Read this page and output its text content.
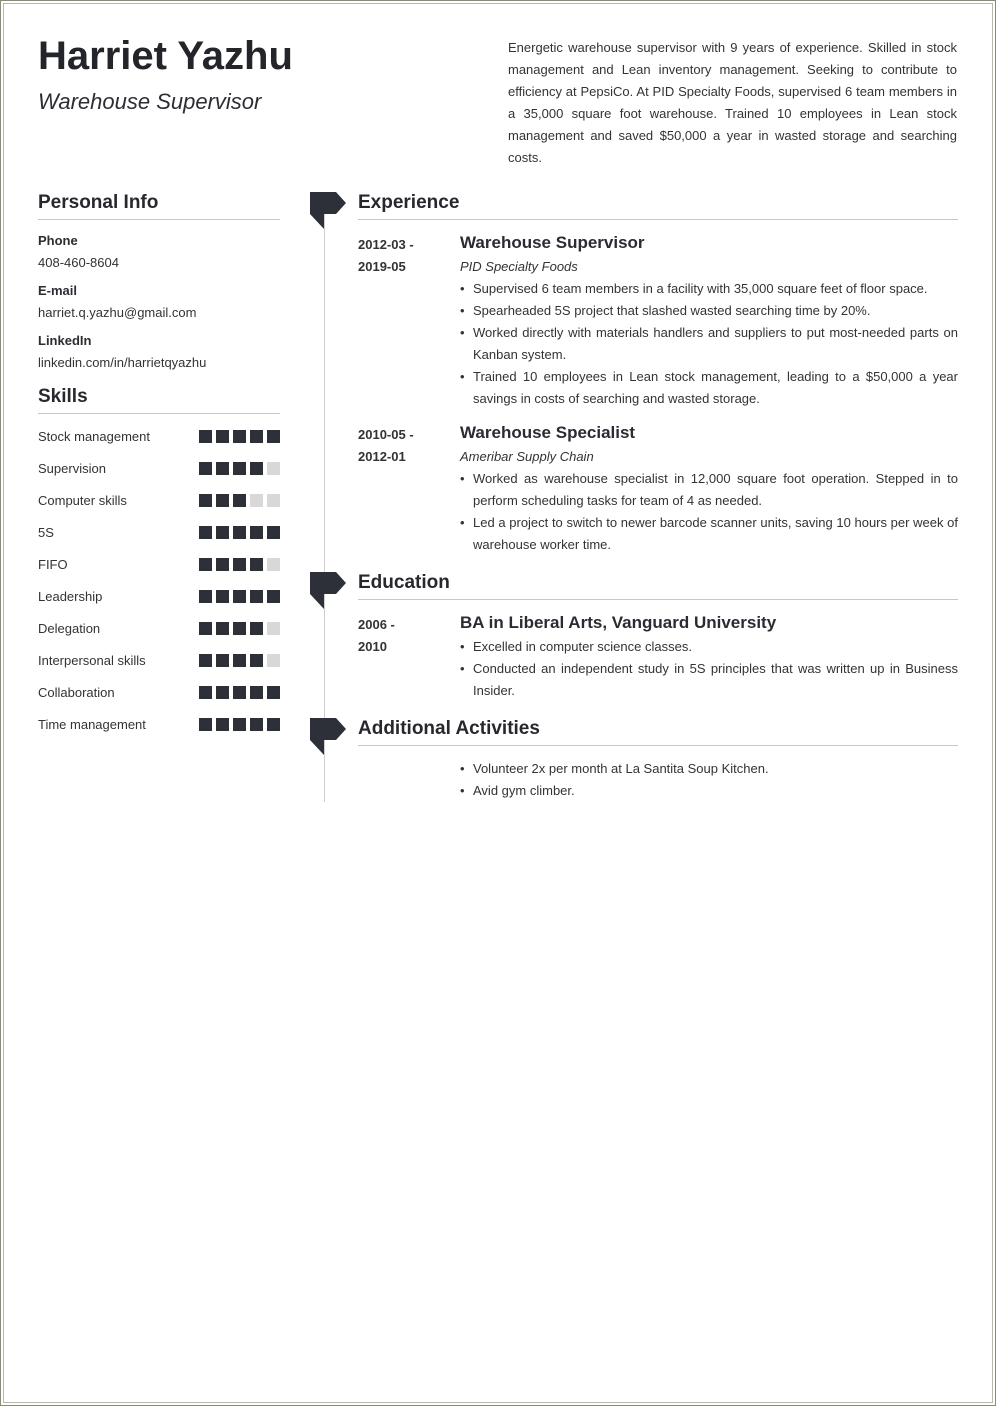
Harriet Yazhu
Warehouse Supervisor
Energetic warehouse supervisor with 9 years of experience. Skilled in stock management and Lean inventory management. Seeking to contribute to efficiency at PepsiCo. At PID Specialty Foods, supervised 6 team members in a 35,000 square foot warehouse. Trained 10 employees in Lean stock management and saved $50,000 a year in wasted storage and searching costs.
Personal Info
Phone
408-460-8604
E-mail
harriet.q.yazhu@gmail.com
LinkedIn
linkedin.com/in/harrietqyazhu
Skills
Stock management
Supervision
Computer skills
5S
FIFO
Leadership
Delegation
Interpersonal skills
Collaboration
Time management
Experience
2012-03 -
2019-05
Warehouse Supervisor
PID Specialty Foods
• Supervised 6 team members in a facility with 35,000 square feet of floor space.
• Spearheaded 5S project that slashed wasted searching time by 20%.
• Worked directly with materials handlers and suppliers to put most-needed parts on Kanban system.
• Trained 10 employees in Lean stock management, leading to a $50,000 a year savings in costs of searching and wasted storage.
2010-05 -
2012-01
Warehouse Specialist
Ameribar Supply Chain
• Worked as warehouse specialist in 12,000 square foot operation. Stepped in to perform scheduling tasks for team of 4 as needed.
• Led a project to switch to newer barcode scanner units, saving 10 hours per week of warehouse worker time.
Education
2006 -
2010
BA in Liberal Arts, Vanguard University
• Excelled in computer science classes.
• Conducted an independent study in 5S principles that was written up in Business Insider.
Additional Activities
• Volunteer 2x per month at La Santita Soup Kitchen.
• Avid gym climber.
